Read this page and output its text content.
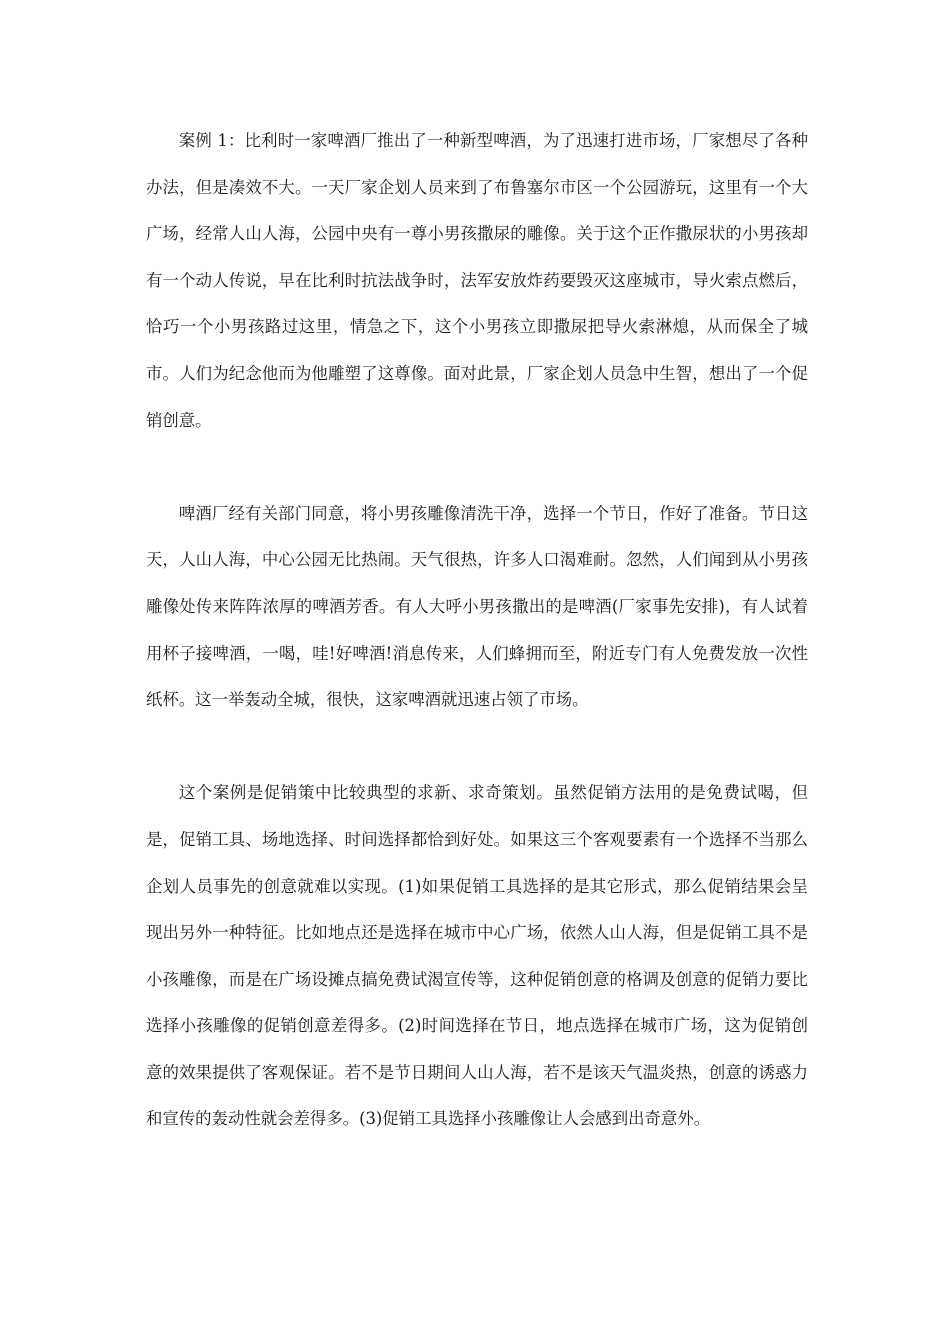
案例 1：比利时一家啤酒厂推出了一种新型啤酒，为了迅速打进市场，厂家想尽了各种办法，但是凑效不大。一天厂家企划人员来到了布鲁塞尔市区一个公园游玩，这里有一个大广场，经常人山人海，公园中央有一尊小男孩撒尿的雕像。关于这个正作撒尿状的小男孩却有一个动人传说，早在比利时抗法战争时，法军安放炸药要毁灭这座城市，导火索点燃后，恰巧一个小男孩路过这里，情急之下，这个小男孩立即撒尿把导火索淋熄，从而保全了城市。人们为纪念他而为他雕塑了这尊像。面对此景，厂家企划人员急中生智，想出了一个促销创意。

啤酒厂经有关部门同意，将小男孩雕像清洗干净，选择一个节日，作好了准备。节日这天，人山人海，中心公园无比热闹。天气很热，许多人口渴难耐。忽然，人们闻到从小男孩雕像处传来阵阵浓厚的啤酒芳香。有人大呼小男孩撒出的是啤酒(厂家事先安排)，有人试着用杯子接啤酒，一喝，哇!好啤酒!消息传来，人们蜂拥而至，附近专门有人免费发放一次性纸杯。这一举轰动全城，很快，这家啤酒就迅速占领了市场。

这个案例是促销策中比较典型的求新、求奇策划。虽然促销方法用的是免费试喝，但是，促销工具、场地选择、时间选择都恰到好处。如果这三个客观要素有一个选择不当那么企划人员事先的创意就难以实现。(1)如果促销工具选择的是其它形式，那么促销结果会呈现出另外一种特征。比如地点还是选择在城市中心广场，依然人山人海，但是促销工具不是小孩雕像，而是在广场设摊点搞免费试渴宣传等，这种促销创意的格调及创意的促销力要比选择小孩雕像的促销创意差得多。(2)时间选择在节日，地点选择在城市广场，这为促销创意的效果提供了客观保证。若不是节日期间人山人海，若不是该天气温炎热，创意的诱惑力和宣传的轰动性就会差得多。(3)促销工具选择小孩雕像让人会感到出奇意外。
